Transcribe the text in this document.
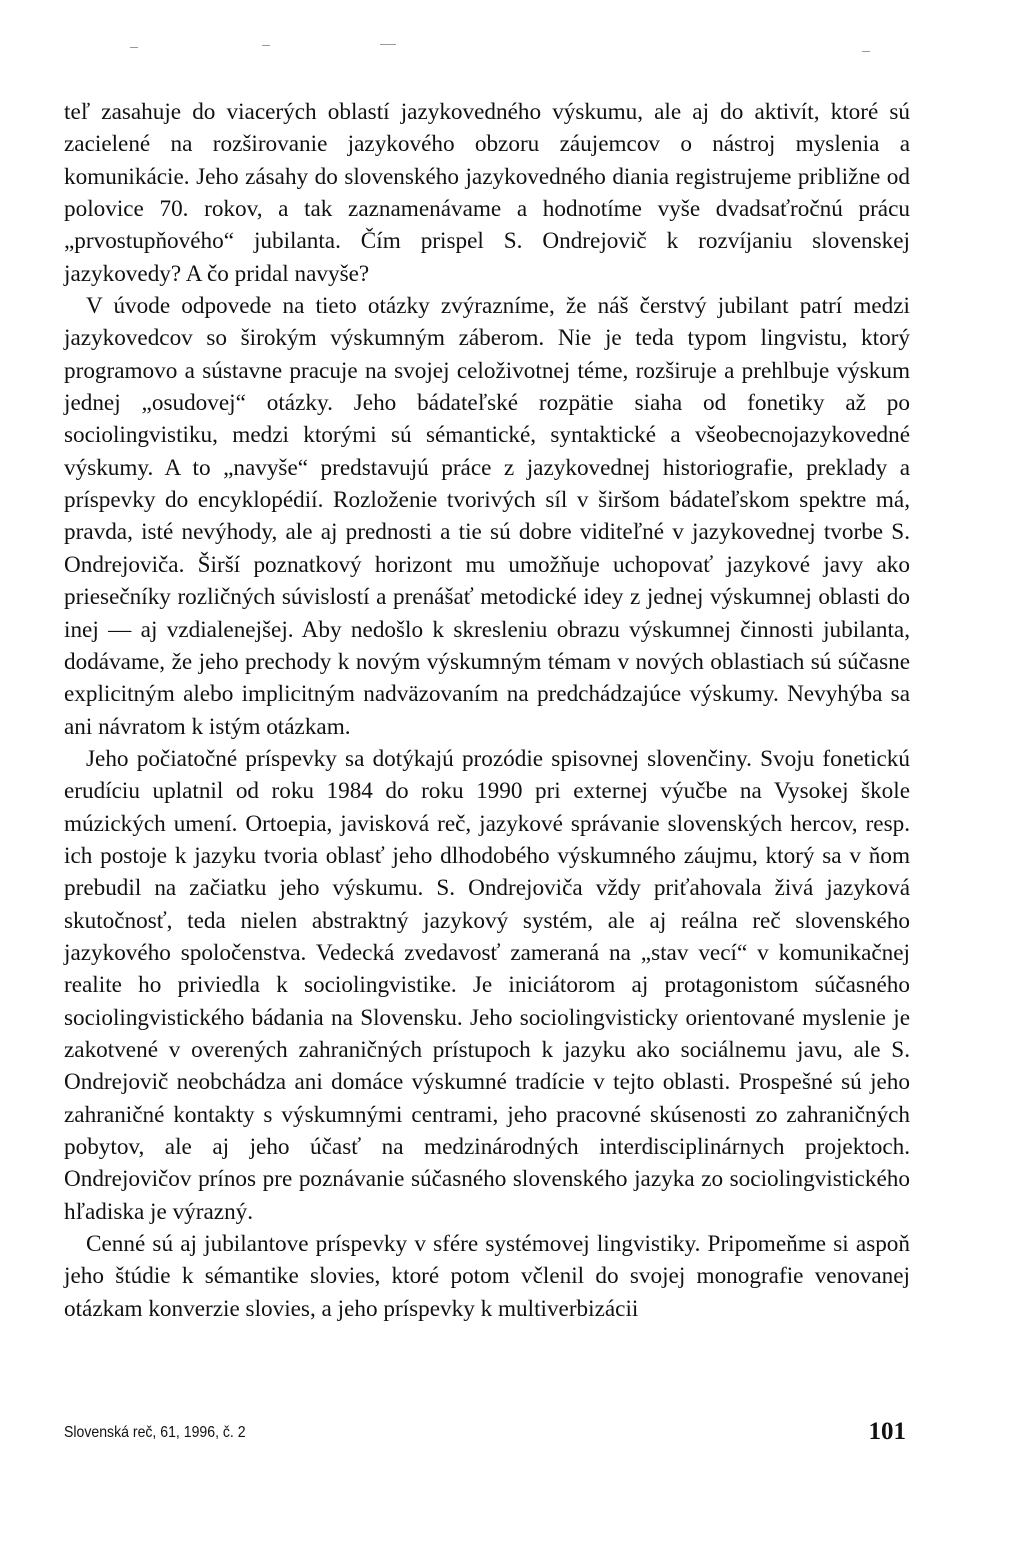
teľ zasahuje do viacerých oblastí jazykovedného výskumu, ale aj do aktivít, ktoré sú zacielené na rozširovanie jazykového obzoru záujemcov o nástroj myslenia a komunikácie. Jeho zásahy do slovenského jazykovedného diania registrujeme približne od polovice 70. rokov, a tak zaznamenávame a hodnotíme vyše dvadsaťročnú prácu „prvostupňového“ jubilanta. Čím prispel S. Ondrejovič k rozvíjaniu slovenskej jazykovedy? A čo pridal navyše?

V úvode odpovede na tieto otázky zvýrazníme, že náš čerstvý jubilant patrí medzi jazykovedcov so širokým výskumným záberom. Nie je teda typom lingvistu, ktorý programovo a sústavne pracuje na svojej celoživotnej téme, rozširuje a prehlbuje výskum jednej „osudovej“ otázky. Jeho bádateľské rozpätie siaha od fonetiky až po sociolingvistiku, medzi ktorými sú sémantické, syntaktické a všeobecnojazykovedné výskumy. A to „navyše“ predstavujú práce z jazykovednej historiografie, preklady a príspevky do encyklopédií. Rozloženie tvorivých síl v širšom bádateľskom spektre má, pravda, isté nevýhody, ale aj prednosti a tie sú dobre viditeľné v jazykovednej tvorbe S. Ondrejoviča. Širší poznatkový horizont mu umožňuje uchopovať jazykové javy ako priesečníky rozličných súvislostí a prenášať metodické idey z jednej výskumnej oblasti do inej — aj vzdialenejšej. Aby nedošlo k skresleniu obrazu výskumnej činnosti jubilanta, dodávame, že jeho prechody k novým výskumným témam v nových oblastiach sú súčasne explicitným alebo implicitným nadväzovaním na predchádzajúce výskumy. Nevyhýba sa ani návratom k istým otázkam.

Jeho počiatočné príspevky sa dotýkajú prozódie spisovnej slovenčiny. Svoju fonetickú erudíciu uplatnil od roku 1984 do roku 1990 pri externej výučbe na Vysokej škole múzických umení. Ortoepia, javisková reč, jazykové správanie slovenských hercov, resp. ich postoje k jazyku tvoria oblasť jeho dlhodobého výskumného záujmu, ktorý sa v ňom prebudil na začiatku jeho výskumu. S. Ondrejoviča vždy priťahovala živá jazyková skutočnosť, teda nielen abstraktný jazykový systém, ale aj reálna reč slovenského jazykového spoločenstva. Vedecká zvedavosť zameraná na „stav vecí“ v komunikačnej realite ho priviedla k sociolingvistike. Je iniciátorom aj protagonistom súčasného sociolingvistického bádania na Slovensku. Jeho sociolingvisticky orientované myslenie je zakotvené v overených zahraničných prístupoch k jazyku ako sociálnemu javu, ale S. Ondrejovič neobchádza ani domáce výskumné tradície v tejto oblasti. Prospešné sú jeho zahraničné kontakty s výskumnými centrami, jeho pracovné skúsenosti zo zahraničných pobytov, ale aj jeho účasť na medzinárodných interdisciplinárnych projektoch. Ondrejovičov prínos pre poznávanie súčasného slovenského jazyka zo sociolingvistického hľadiska je výrazný.

Cenné sú aj jubilantove príspevky v sfére systémovej lingvistiky. Pripomeňme si aspoň jeho štúdie k sémantike slovies, ktoré potom včlenil do svojej monografie venovanej otázkam konverzie slovies, a jeho príspevky k multiverbizácii

Slovenská reč, 61, 1996, č. 2	101
